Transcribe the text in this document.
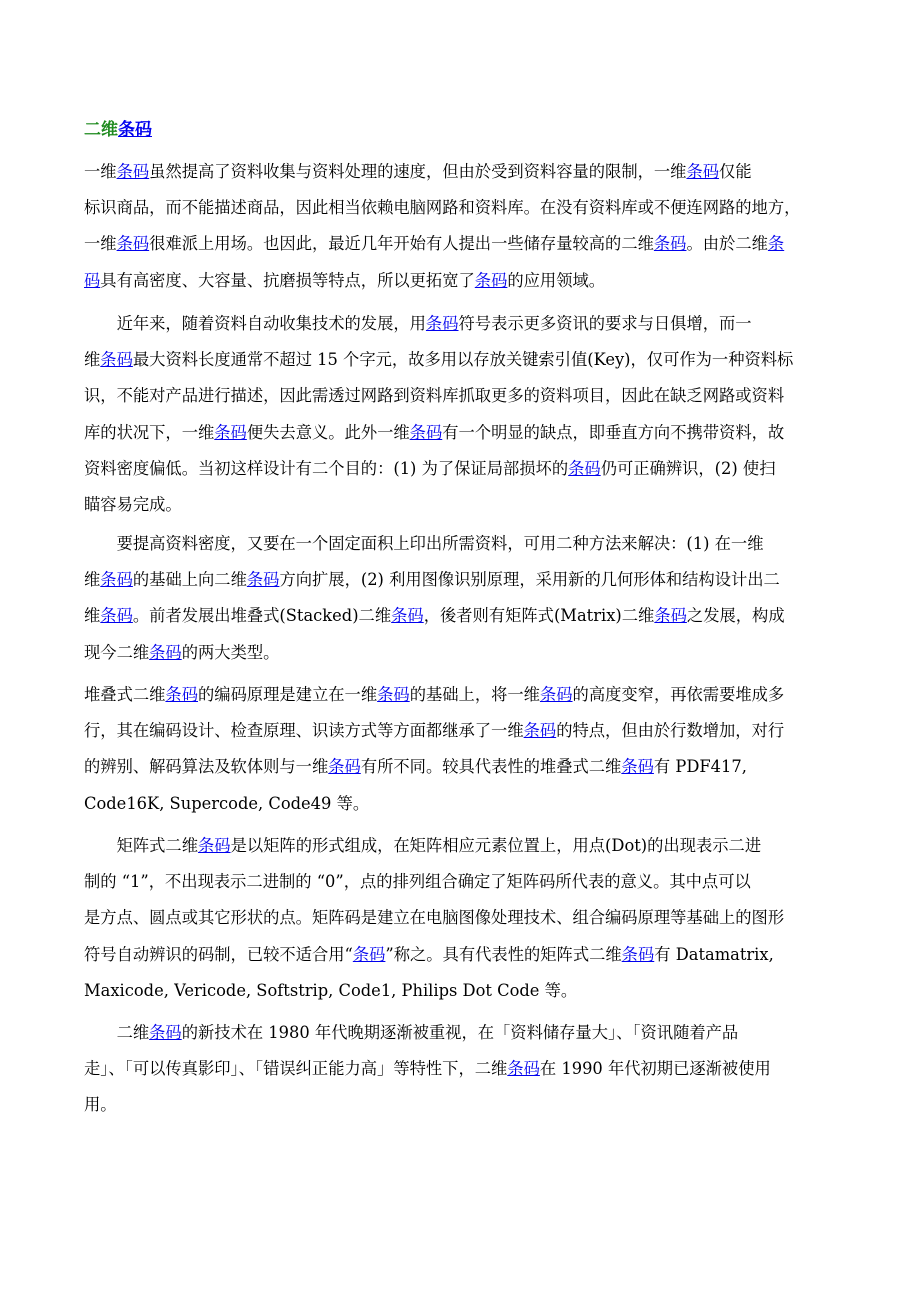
二维条码
一维条码虽然提高了资料收集与资料处理的速度，但由於受到资料容量的限制，一维条码仅能
标识商品，而不能描述商品，因此相当依赖电脑网路和资料库。在没有资料库或不便连网路的地方，
一维条码很难派上用场。也因此，最近几年开始有人提出一些储存量较高的二维条码。由於二维条
码具有高密度、大容量、抗磨损等特点，所以更拓宽了条码的应用领域。
　　近年来，随着资料自动收集技术的发展，用条码符号表示更多资讯的要求与日俱增，而一
维条码最大资料长度通常不超过 15 个字元，故多用以存放关键索引值(Key)，仅可作为一种资料标
识，不能对产品进行描述，因此需透过网路到资料库抓取更多的资料项目，因此在缺乏网路或资料
库的状况下，一维条码便失去意义。此外一维条码有一个明显的缺点，即垂直方向不携带资料，故
资料密度偏低。当初这样设计有二个目的：(1) 为了保证局部损坏的条码仍可正确辨识，(2) 使扫
瞄容易完成。
　　要提高资料密度，又要在一个固定面积上印出所需资料，可用二种方法来解决：(1) 在一维
维条码的基础上向二维条码方向扩展，(2) 利用图像识别原理，采用新的几何形体和结构设计出二
维条码。前者发展出堆叠式(Stacked)二维条码，後者则有矩阵式(Matrix)二维条码之发展，构成
现今二维条码的两大类型。
堆叠式二维条码的编码原理是建立在一维条码的基础上，将一维条码的高度变窄，再依需要堆成多
行，其在编码设计、检查原理、识读方式等方面都继承了一维条码的特点，但由於行数增加，对行
的辨别、解码算法及软体则与一维条码有所不同。较具代表性的堆叠式二维条码有 PDF417,
Code16K, Supercode, Code49 等。
　　矩阵式二维条码是以矩阵的形式组成，在矩阵相应元素位置上，用点(Dot)的出现表示二进
制的 “1”，不出现表示二进制的 “0”，点的排列组合确定了矩阵码所代表的意义。其中点可以
是方点、圆点或其它形状的点。矩阵码是建立在电脑图像处理技术、组合编码原理等基础上的图形
符号自动辨识的码制，已较不适合用“条码”称之。具有代表性的矩阵式二维条码有 Datamatrix,
Maxicode, Vericode, Softstrip, Code1, Philips Dot Code 等。
　　二维条码的新技术在 1980 年代晚期逐渐被重视，在「资料储存量大」、「资讯随着产品
走」、「可以传真影印」、「错误纠正能力高」等特性下，二维条码在 1990 年代初期已逐渐被使用
用。
